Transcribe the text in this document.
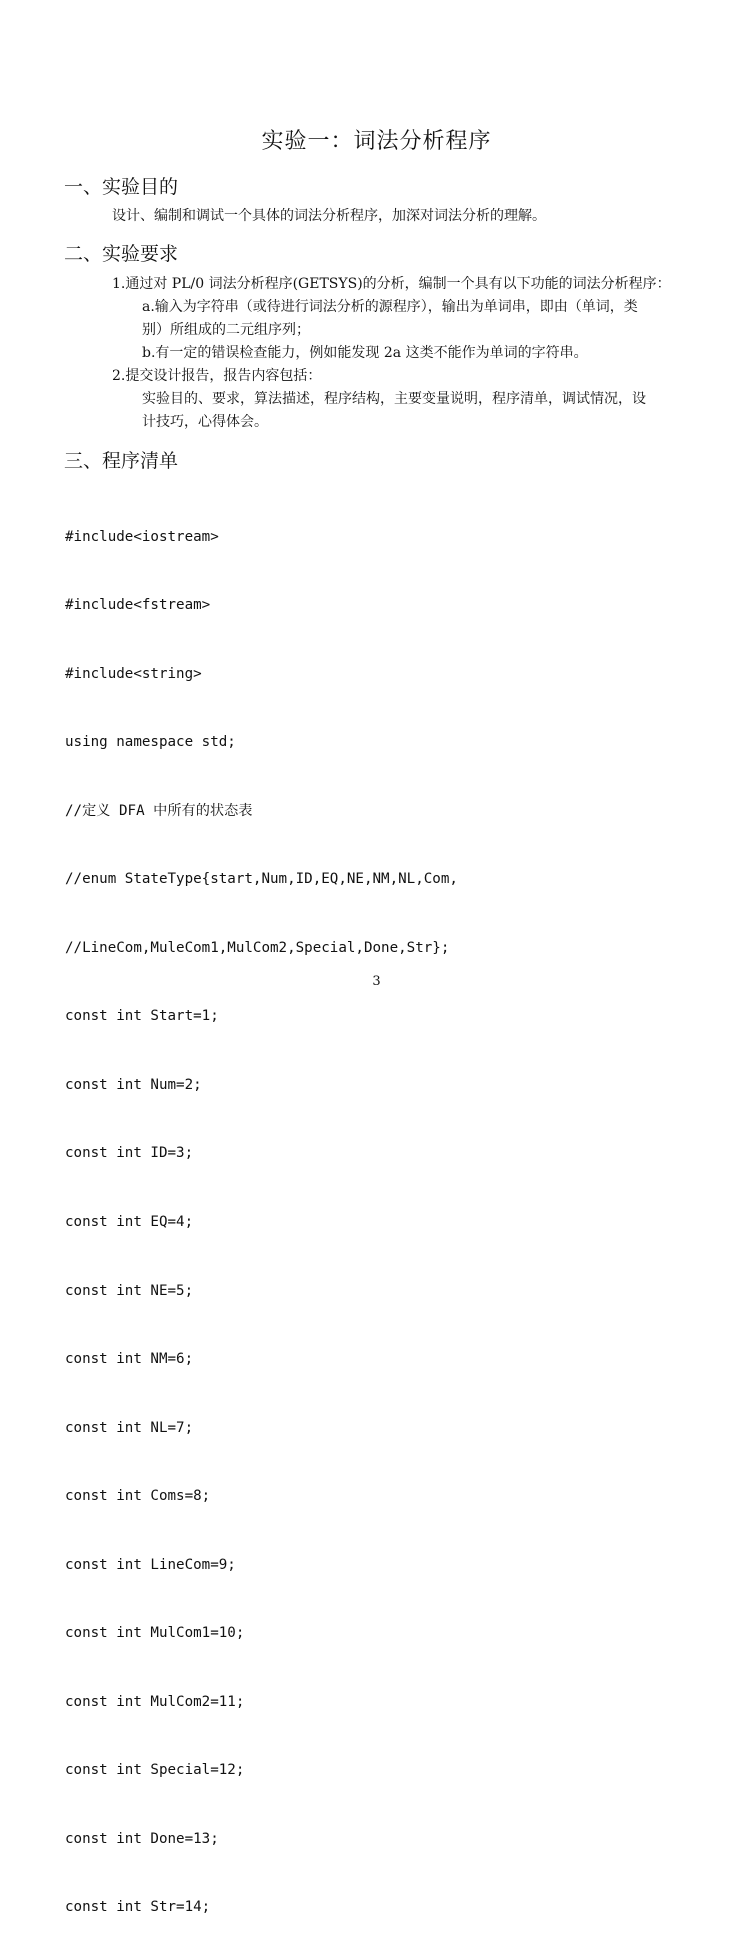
实验一：词法分析程序
一、实验目的
设计、编制和调试一个具体的词法分析程序，加深对词法分析的理解。
二、实验要求
1.通过对 PL/0 词法分析程序(GETSYS)的分析，编制一个具有以下功能的词法分析程序：
a.输入为字符串（或待进行词法分析的源程序），输出为单词串，即由（单词，类
别）所组成的二元组序列；
b.有一定的错误检查能力，例如能发现 2a 这类不能作为单词的字符串。
2.提交设计报告，报告内容包括：
实验目的、要求，算法描述，程序结构，主要变量说明，程序清单，调试情况，设
计技巧，心得体会。
三、程序清单

#include<iostream>

#include<fstream>

#include<string>

using namespace std;

//定义 DFA 中所有的状态表

//enum StateType{start,Num,ID,EQ,NE,NM,NL,Com,

//LineCom,MuleCom1,MulCom2,Special,Done,Str};

const int Start=1;

const int Num=2;

const int ID=3;

const int EQ=4;

const int NE=5;

const int NM=6;

const int NL=7;

const int Coms=8;

const int LineCom=9;

const int MulCom1=10;

const int MulCom2=11;

const int Special=12;

const int Done=13;

const int Str=14;

3
